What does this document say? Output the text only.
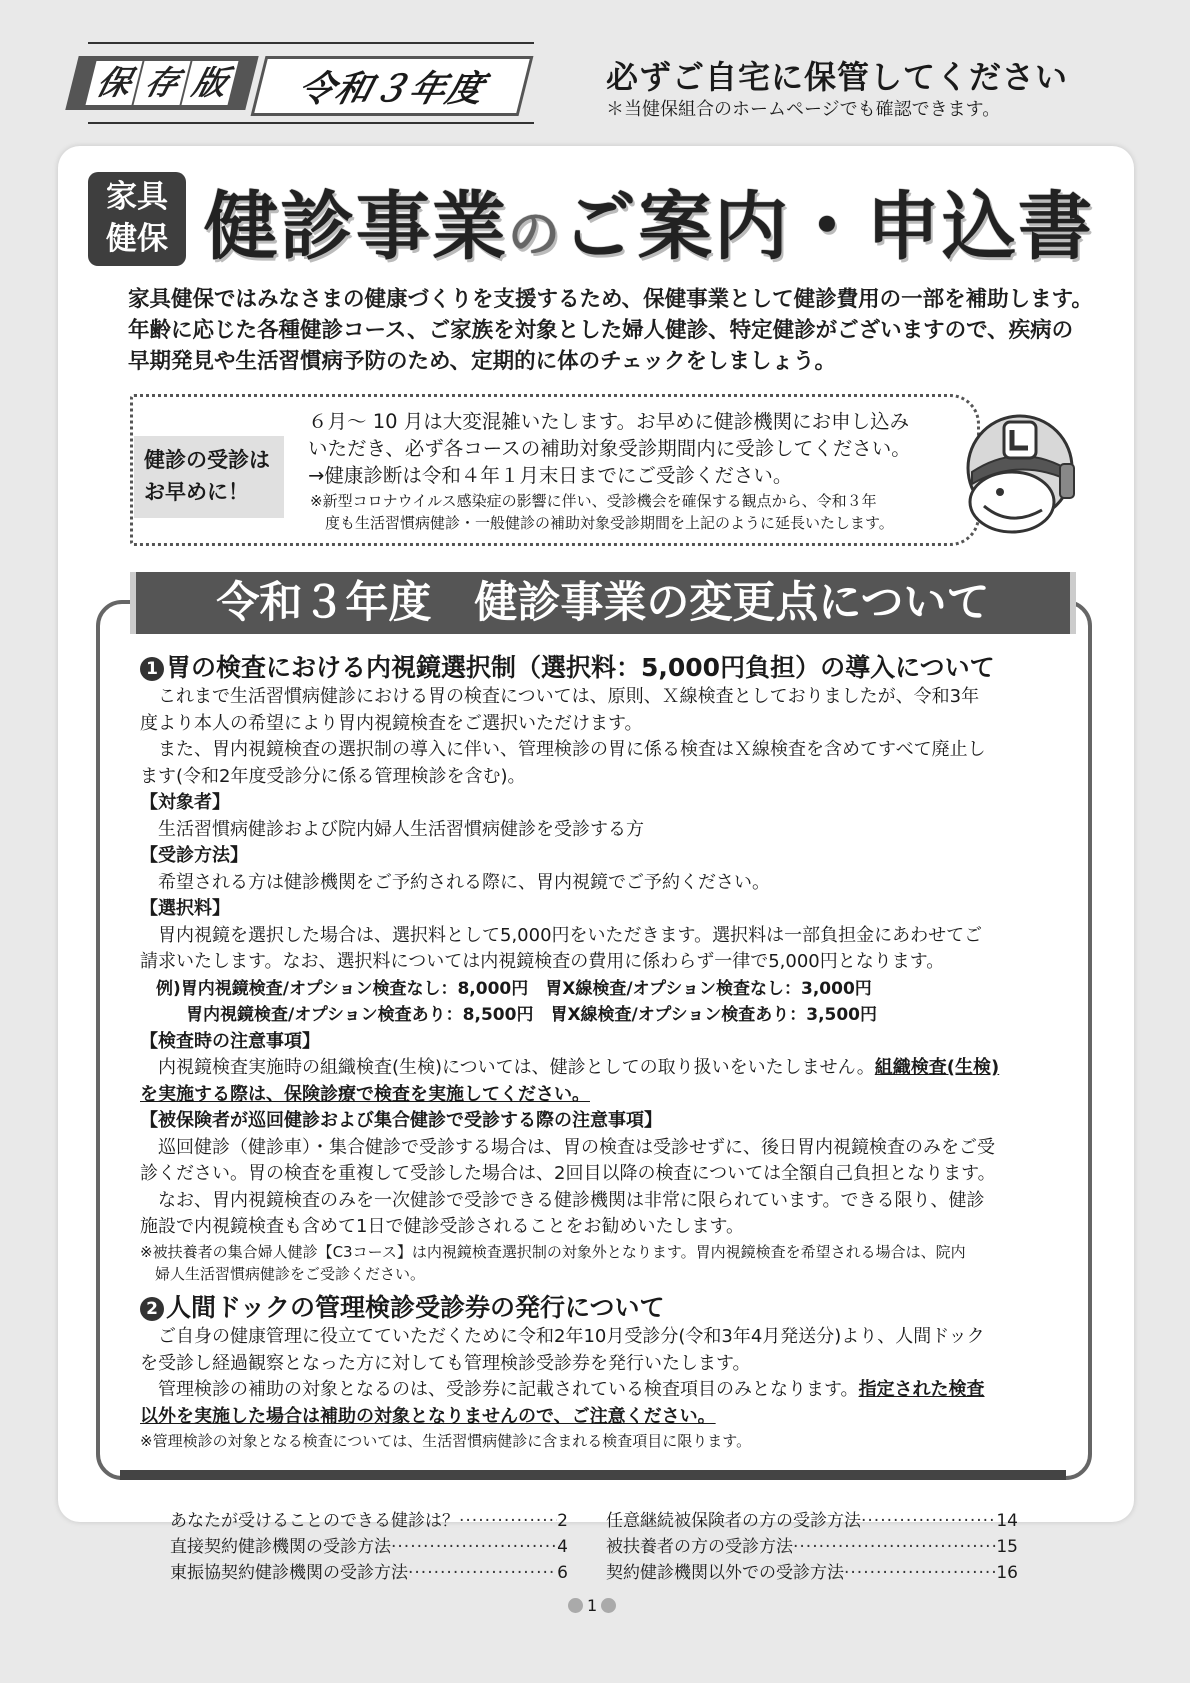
保 存 版 令和３年度	必ずご自宅に保管してください
＊当健保組合のホームページでも確認できます。
家具
健保 健診事業のご案内・申込書
家具健保ではみなさまの健康づくりを支援するため、保健事業として健診費用の一部を補助します。
年齢に応じた各種健診コース、ご家族を対象とした婦人健診、特定健診がございますので、疾病の
早期発見や生活習慣病予防のため、定期的に体のチェックをしましょう。
健診の受診は
お早めに！
６月～ 10 月は大変混雑いたします。お早めに健診機関にお申し込み
いただき、必ず各コースの補助対象受診期間内に受診してください。
→健康診断は令和４年１月末日までにご受診ください。
※新型コロナウイルス感染症の影響に伴い、受診機会を確保する観点から、令和３年
　度も生活習慣病健診・一般健診の補助対象受診期間を上記のように延長いたします。
令和３年度　健診事業の変更点について
1 胃の検査における内視鏡選択制（選択料：5,000円負担）の導入について
　これまで生活習慣病健診における胃の検査については、原則、Ｘ線検査としておりましたが、令和3年
度より本人の希望により胃内視鏡検査をご選択いただけます。
　また、胃内視鏡検査の選択制の導入に伴い、管理検診の胃に係る検査はＸ線検査を含めてすべて廃止し
ます(令和2年度受診分に係る管理検診を含む)。
【対象者】
　生活習慣病健診および院内婦人生活習慣病健診を受診する方
【受診方法】
　希望される方は健診機関をご予約される際に、胃内視鏡でご予約ください。
【選択料】
　胃内視鏡を選択した場合は、選択料として5,000円をいただきます。選択料は一部負担金にあわせてご
請求いたします。なお、選択料については内視鏡検査の費用に係わらず一律で5,000円となります。
例)胃内視鏡検査/オプション検査なし：8,000円　胃X線検査/オプション検査なし：3,000円
胃内視鏡検査/オプション検査あり：8,500円　胃X線検査/オプション検査あり：3,500円
【検査時の注意事項】
　内視鏡検査実施時の組織検査(生検)については、健診としての取り扱いをいたしません。組織検査(生検)
を実施する際は、保険診療で検査を実施してください。
【被保険者が巡回健診および集合健診で受診する際の注意事項】
　巡回健診（健診車）・集合健診で受診する場合は、胃の検査は受診せずに、後日胃内視鏡検査のみをご受
診ください。胃の検査を重複して受診した場合は、2回目以降の検査については全額自己負担となります。
　なお、胃内視鏡検査のみを一次健診で受診できる健診機関は非常に限られています。できる限り、健診
施設で内視鏡検査も含めて1日で健診受診されることをお勧めいたします。
※被扶養者の集合婦人健診【C3コース】は内視鏡検査選択制の対象外となります。胃内視鏡検査を希望される場合は、院内
　婦人生活習慣病健診をご受診ください。
2 人間ドックの管理検診受診券の発行について
　ご自身の健康管理に役立てていただくために令和2年10月受診分(令和3年4月発送分)より、人間ドック
を受診し経過観察となった方に対しても管理検診受診券を発行いたします。
　管理検診の補助の対象となるのは、受診券に記載されている検査項目のみとなります。指定された検査
以外を実施した場合は補助の対象となりませんので、ご注意ください。
※管理検診の対象となる検査については、生活習慣病健診に含まれる検査項目に限ります。
あなたが受けることのできる健診は？ ·····	2
直接契約健診機関の受診方法 ·····	4
東振協契約健診機関の受診方法 ·····	6
任意継続被保険者の方の受診方法 ·····	14
被扶養者の方の受診方法 ·····	15
契約健診機関以外での受診方法 ·····	16
1
